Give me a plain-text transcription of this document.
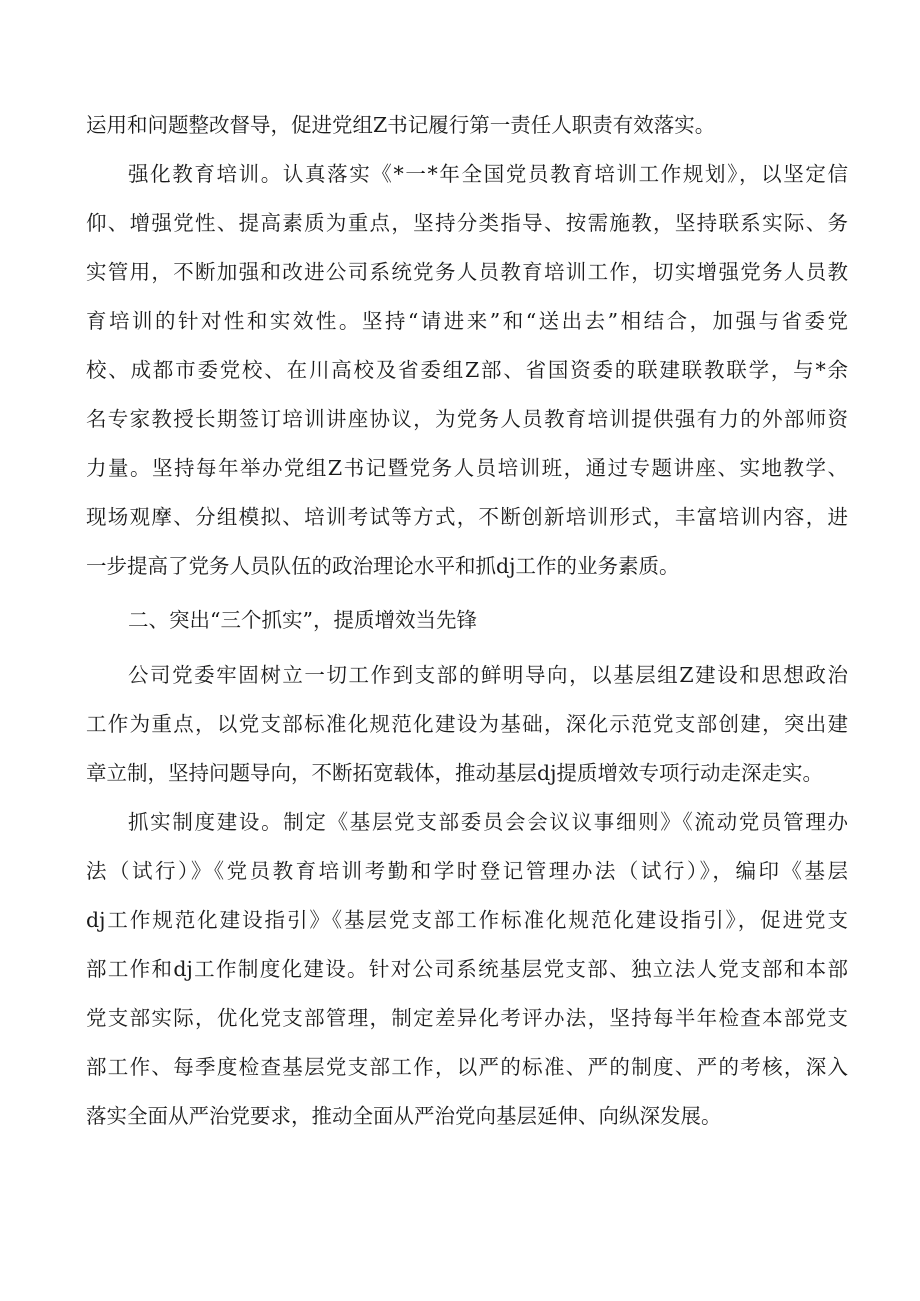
运用和问题整改督导，促进党组Z书记履行第一责任人职责有效落实。
强化教育培训。认真落实《*一*年全国党员教育培训工作规划》，以坚定信
仰、增强党性、提高素质为重点，坚持分类指导、按需施教，坚持联系实际、务
实管用，不断加强和改进公司系统党务人员教育培训工作，切实增强党务人员教
育培训的针对性和实效性。坚持“请进来”和“送出去”相结合，加强与省委党
校、成都市委党校、在川高校及省委组Z部、省国资委的联建联教联学，与*余
名专家教授长期签订培训讲座协议，为党务人员教育培训提供强有力的外部师资
力量。坚持每年举办党组Z书记暨党务人员培训班，通过专题讲座、实地教学、
现场观摩、分组模拟、培训考试等方式，不断创新培训形式，丰富培训内容，进
一步提高了党务人员队伍的政治理论水平和抓dj工作的业务素质。
二、突出“三个抓实”，提质增效当先锋
公司党委牢固树立一切工作到支部的鲜明导向，以基层组Z建设和思想政治
工作为重点，以党支部标准化规范化建设为基础，深化示范党支部创建，突出建
章立制，坚持问题导向，不断拓宽载体，推动基层dj提质增效专项行动走深走实。
抓实制度建设。制定《基层党支部委员会会议议事细则》《流动党员管理办
法（试行）》《党员教育培训考勤和学时登记管理办法（试行）》，编印《基层
dj工作规范化建设指引》《基层党支部工作标准化规范化建设指引》，促进党支
部工作和dj工作制度化建设。针对公司系统基层党支部、独立法人党支部和本部
党支部实际，优化党支部管理，制定差异化考评办法，坚持每半年检查本部党支
部工作、每季度检查基层党支部工作，以严的标准、严的制度、严的考核，深入
落实全面从严治党要求，推动全面从严治党向基层延伸、向纵深发展。
